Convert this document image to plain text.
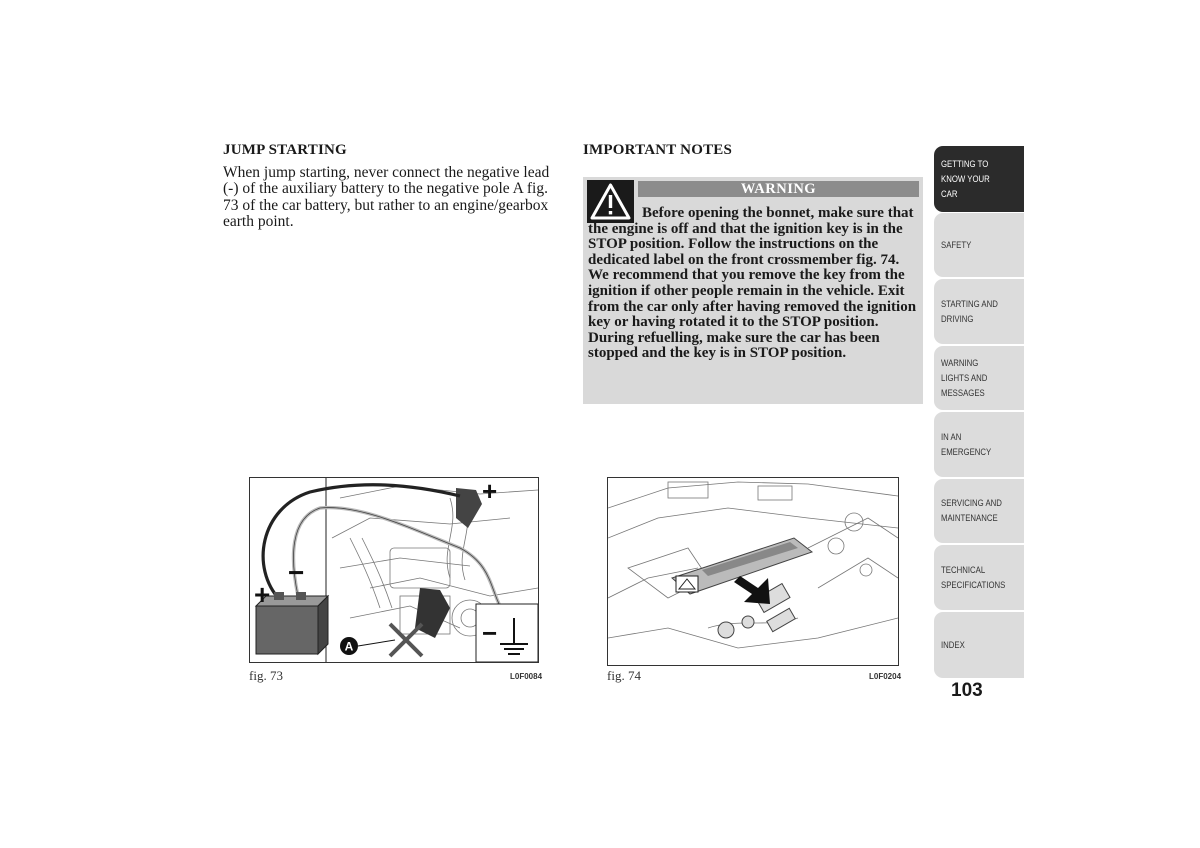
JUMP STARTING
When jump starting, never connect the negative lead (-) of the auxiliary battery to the negative pole A fig. 73 of the car battery, but rather to an engine/gearbox earth point.
IMPORTANT NOTES
WARNING
Before opening the bonnet, make sure that the engine is off and that the ignition key is in the STOP position. Follow the instructions on the dedicated label on the front crossmember fig. 74. We recommend that you remove the key from the ignition if other people remain in the vehicle. Exit from the car only after having removed the ignition key or having rotated it to the STOP position. During refuelling, make sure the car has been stopped and the key is in STOP position.
+
−
+
A	−
fig. 73	L0F0084	fig. 74	L0F0204
GETTING TO KNOW YOUR CAR
SAFETY
STARTING AND DRIVING
WARNING LIGHTS AND MESSAGES
IN AN EMERGENCY
SERVICING AND MAINTENANCE
TECHNICAL SPECIFICATIONS
INDEX
103
